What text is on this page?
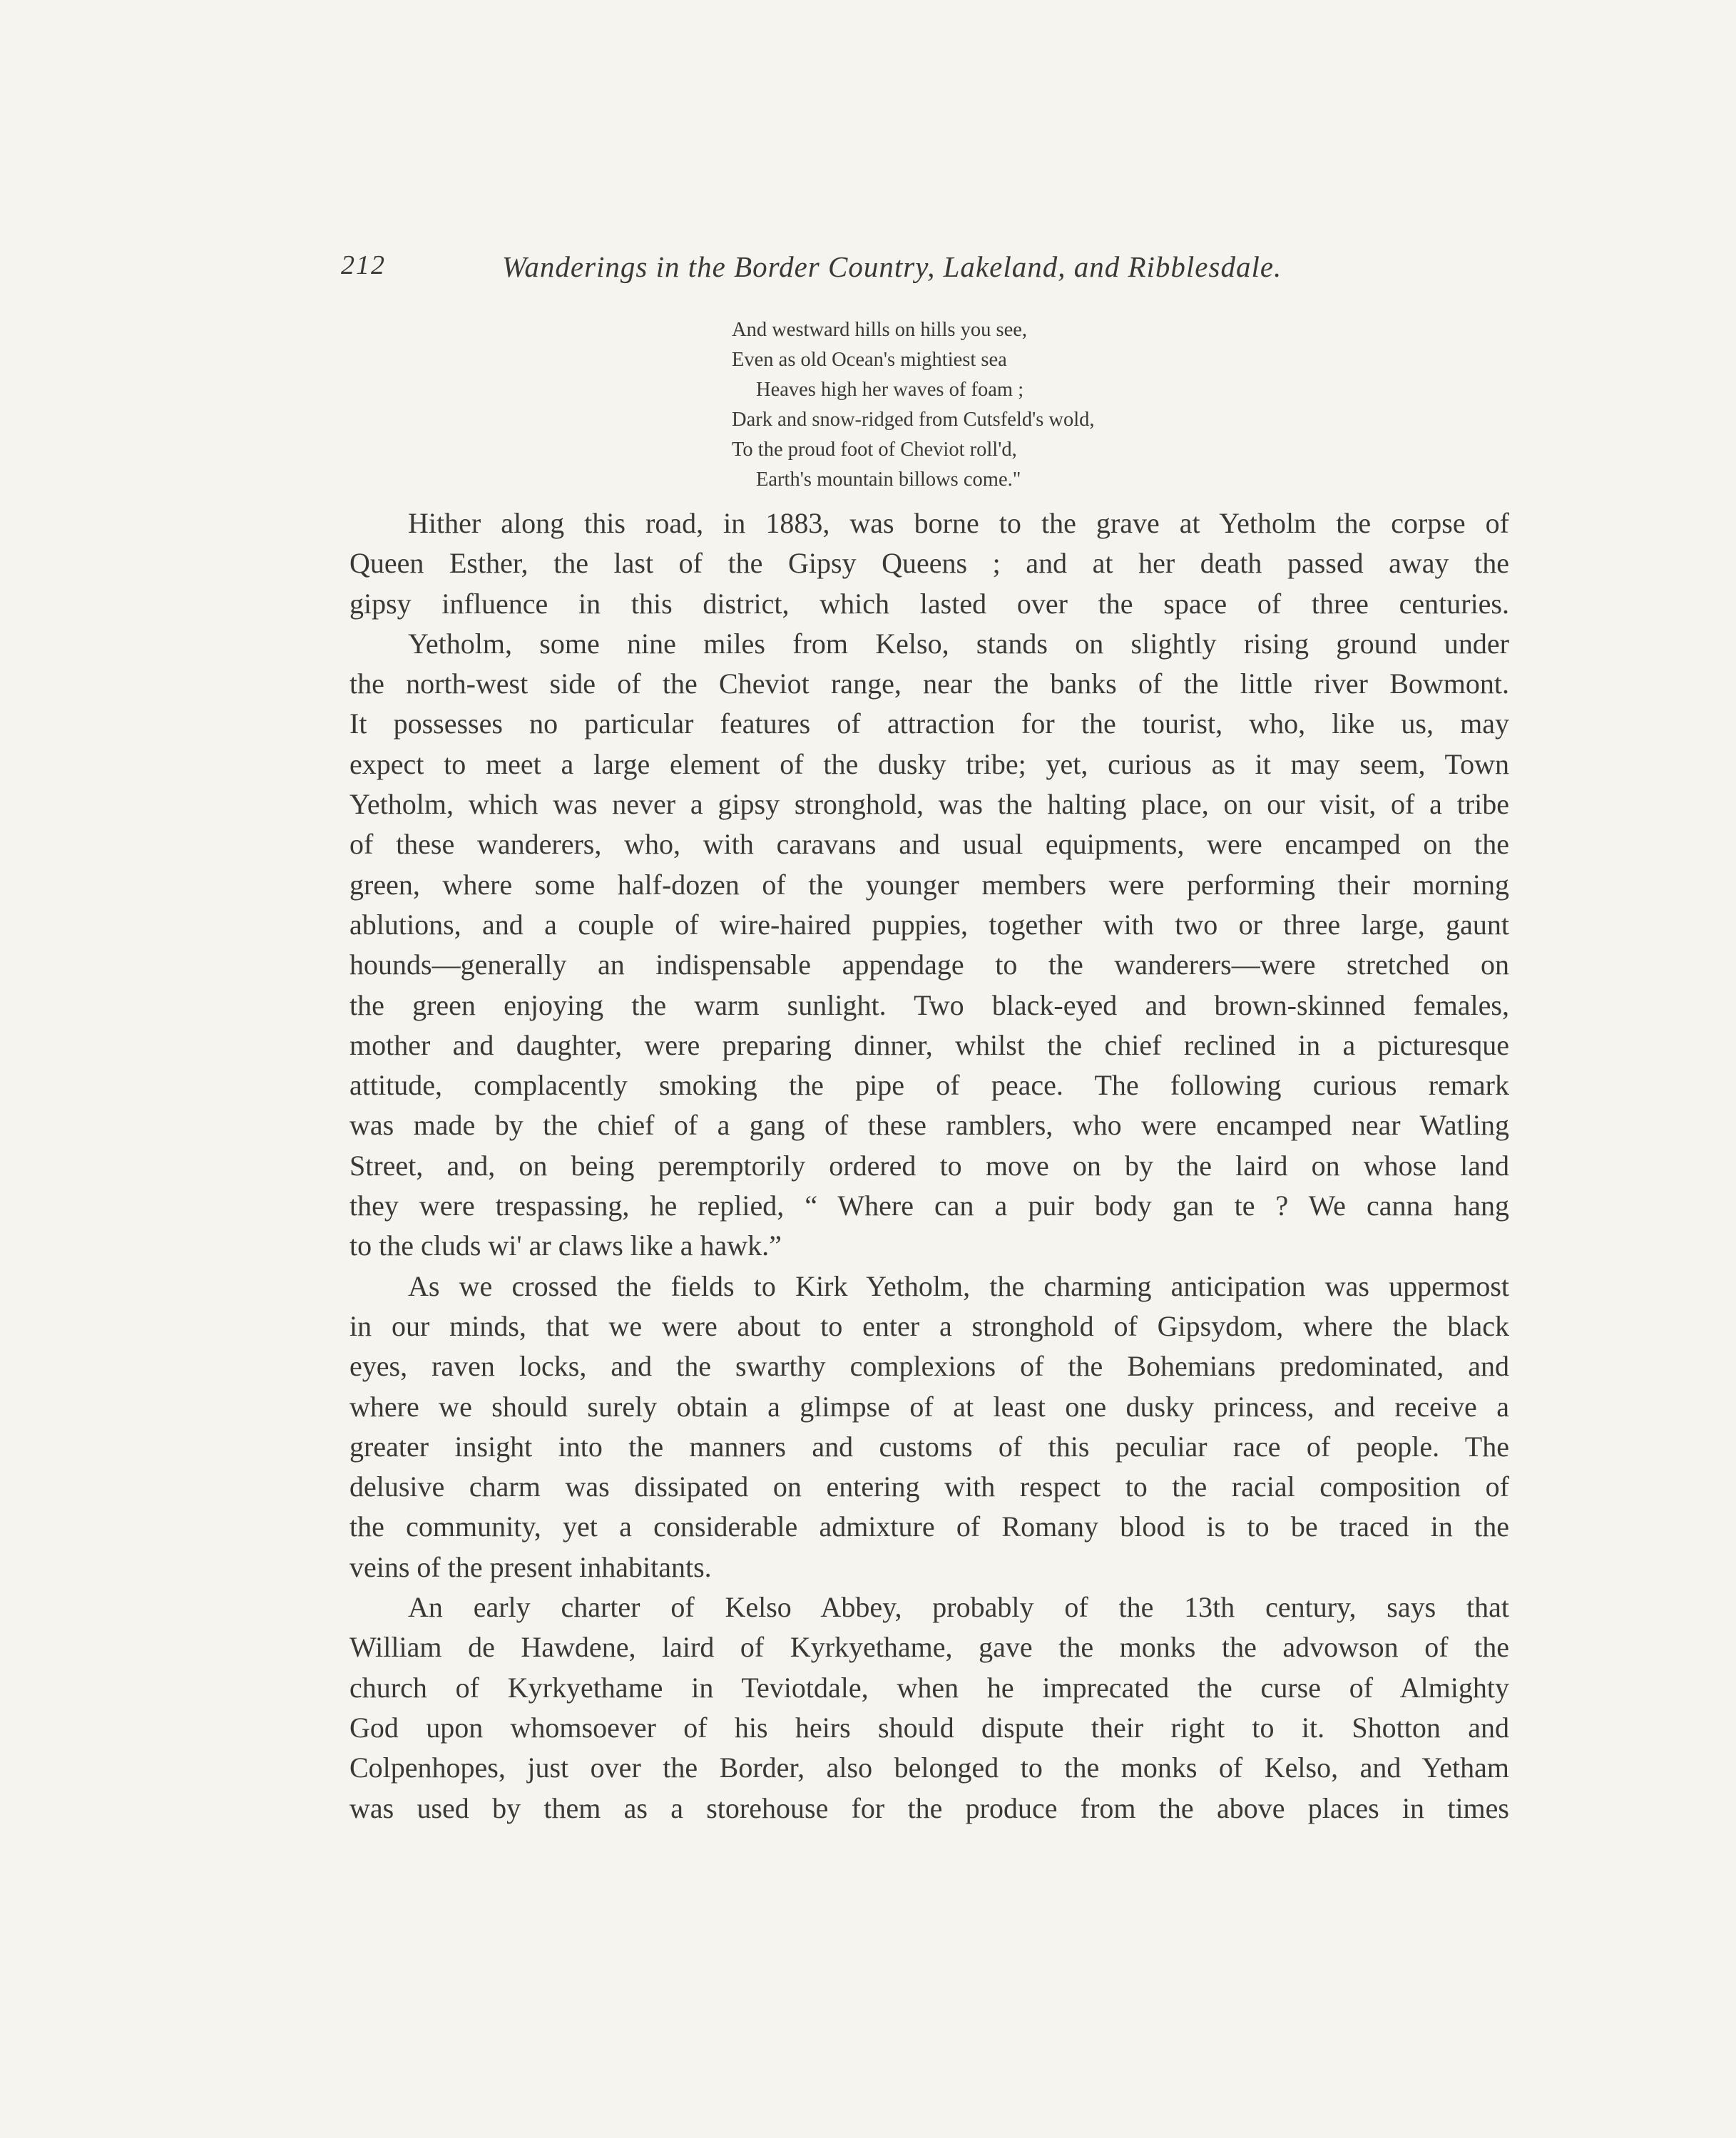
212	Wanderings in the Border Country, Lakeland, and Ribblesdale.
And westward hills on hills you see,
Even as old Ocean's mightiest sea
Heaves high her waves of foam ;
Dark and snow-ridged from Cutsfeld's wold,
To the proud foot of Cheviot roll'd,
Earth's mountain billows come."

Hither along this road, in 1883, was borne to the grave at Yetholm the corpse of
Queen Esther, the last of the Gipsy Queens ; and at her death passed away the
gipsy influence in this district, which lasted over the space of three centuries.

Yetholm, some nine miles from Kelso, stands on slightly rising ground under
the north-west side of the Cheviot range, near the banks of the little river Bowmont.
It possesses no particular features of attraction for the tourist, who, like us, may
expect to meet a large element of the dusky tribe; yet, curious as it may seem, Town
Yetholm, which was never a gipsy stronghold, was the halting place, on our visit, of a tribe
of these wanderers, who, with caravans and usual equipments, were encamped on the
green, where some half-dozen of the younger members were performing their morning
ablutions, and a couple of wire-haired puppies, together with two or three large, gaunt
hounds—generally an indispensable appendage to the wanderers—were stretched on
the green enjoying the warm sunlight. Two black-eyed and brown-skinned females,
mother and daughter, were preparing dinner, whilst the chief reclined in a picturesque
attitude, complacently smoking the pipe of peace. The following curious remark
was made by the chief of a gang of these ramblers, who were encamped near Watling
Street, and, on being peremptorily ordered to move on by the laird on whose land
they were trespassing, he replied, “ Where can a puir body gan te ? We canna hang
to the cluds wi' ar claws like a hawk.”

As we crossed the fields to Kirk Yetholm, the charming anticipation was uppermost
in our minds, that we were about to enter a stronghold of Gipsydom, where the black
eyes, raven locks, and the swarthy complexions of the Bohemians predominated, and
where we should surely obtain a glimpse of at least one dusky princess, and receive a
greater insight into the manners and customs of this peculiar race of people. The
delusive charm was dissipated on entering with respect to the racial composition of
the community, yet a considerable admixture of Romany blood is to be traced in the
veins of the present inhabitants.

An early charter of Kelso Abbey, probably of the 13th century, says that
William de Hawdene, laird of Kyrkyethame, gave the monks the advowson of the
church of Kyrkyethame in Teviotdale, when he imprecated the curse of Almighty
God upon whomsoever of his heirs should dispute their right to it. Shotton and
Colpenhopes, just over the Border, also belonged to the monks of Kelso, and Yetham
was used by them as a storehouse for the produce from the above places in times
